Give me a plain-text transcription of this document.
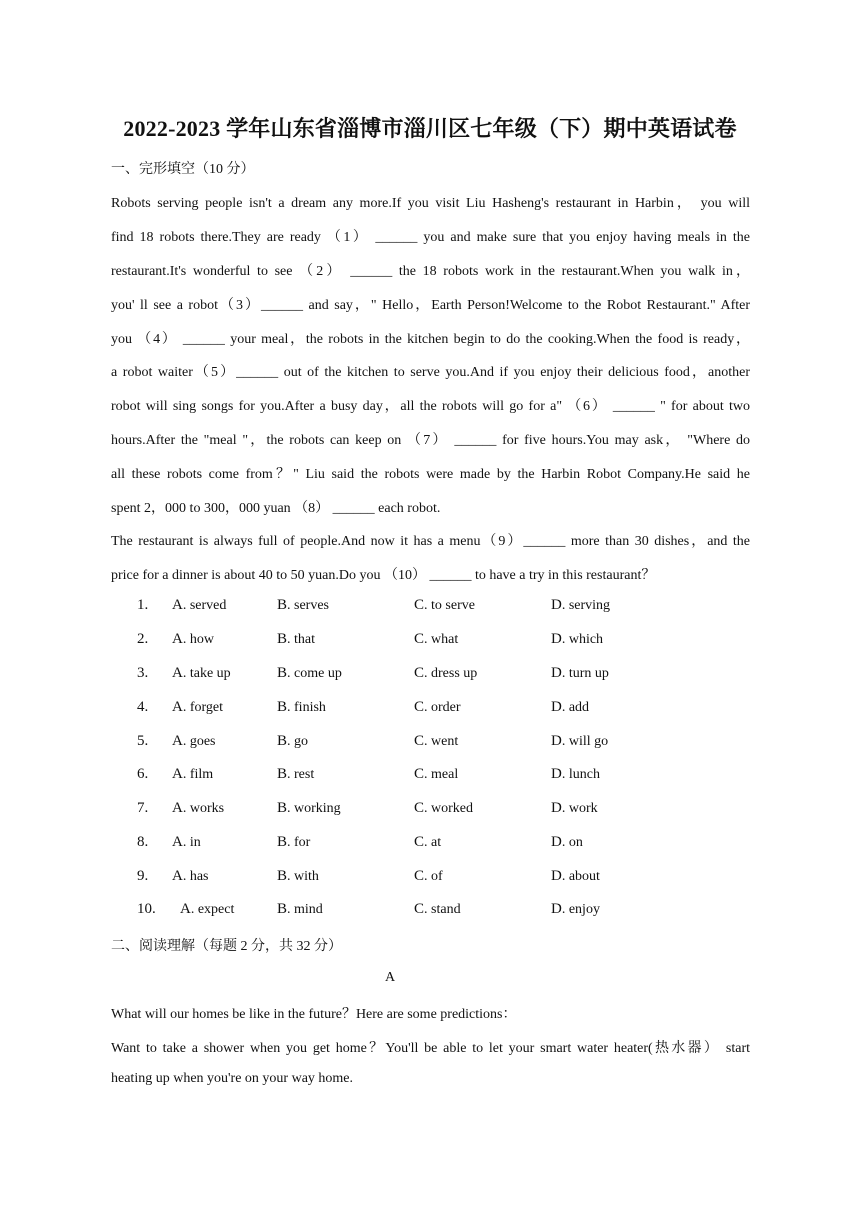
2022-2023 学年山东省淄博市淄川区七年级（下）期中英语试卷
一、完形填空（10 分）
Robots serving people isn't a dream any more.If you visit Liu Hasheng's restaurant in Harbin， you will
find 18 robots there.They are ready （1） ______ you and make sure that you enjoy having meals in the
restaurant.It's wonderful to see （2） ______ the 18 robots work in the restaurant.When you walk in，
you' ll see a robot（3）______ and say，" Hello，Earth Person!Welcome to the Robot Restaurant." After
you （4） ______ your meal，the robots in the kitchen begin to do the cooking.When the food is ready，
a robot waiter（5）______ out of the kitchen to serve you.And if you enjoy their delicious food，another
robot will sing songs for you.After a busy day，all the robots will go for a" （6） ______ " for about two
hours.After the "meal "，the robots can keep on （7） ______ for five hours.You may ask， "Where do
all these robots come from？" Liu said the robots were made by the Harbin Robot Company.He said he
spent 2，000 to 300，000 yuan （8） ______ each robot.
The restaurant is always full of people.And now it has a menu（9）______ more than 30 dishes，and the
price for a dinner is about 40 to 50 yuan.Do you （10） ______ to have a try in this restaurant？
1. A. served	B. serves	C. to serve	D. serving
2. A. how	B. that	C. what	D. which
3. A. take up	B. come up	C. dress up	D. turn up
4. A. forget	B. finish	C. order	D. add
5. A. goes	B. go	C. went	D. will go
6. A. film	B. rest	C. meal	D. lunch
7. A. works	B. working	C. worked	D. work
8. A. in	B. for	C. at	D. on
9. A. has	B. with	C. of	D. about
10. A. expect	B. mind	C. stand	D. enjoy
二、阅读理解（每题 2 分，共 32 分）
A
What will our homes be like in the future？Here are some predictions：
Want to take a shower when you get home？You'll be able to let your smart water heater(热水器） start
heating up when you're on your way home.
